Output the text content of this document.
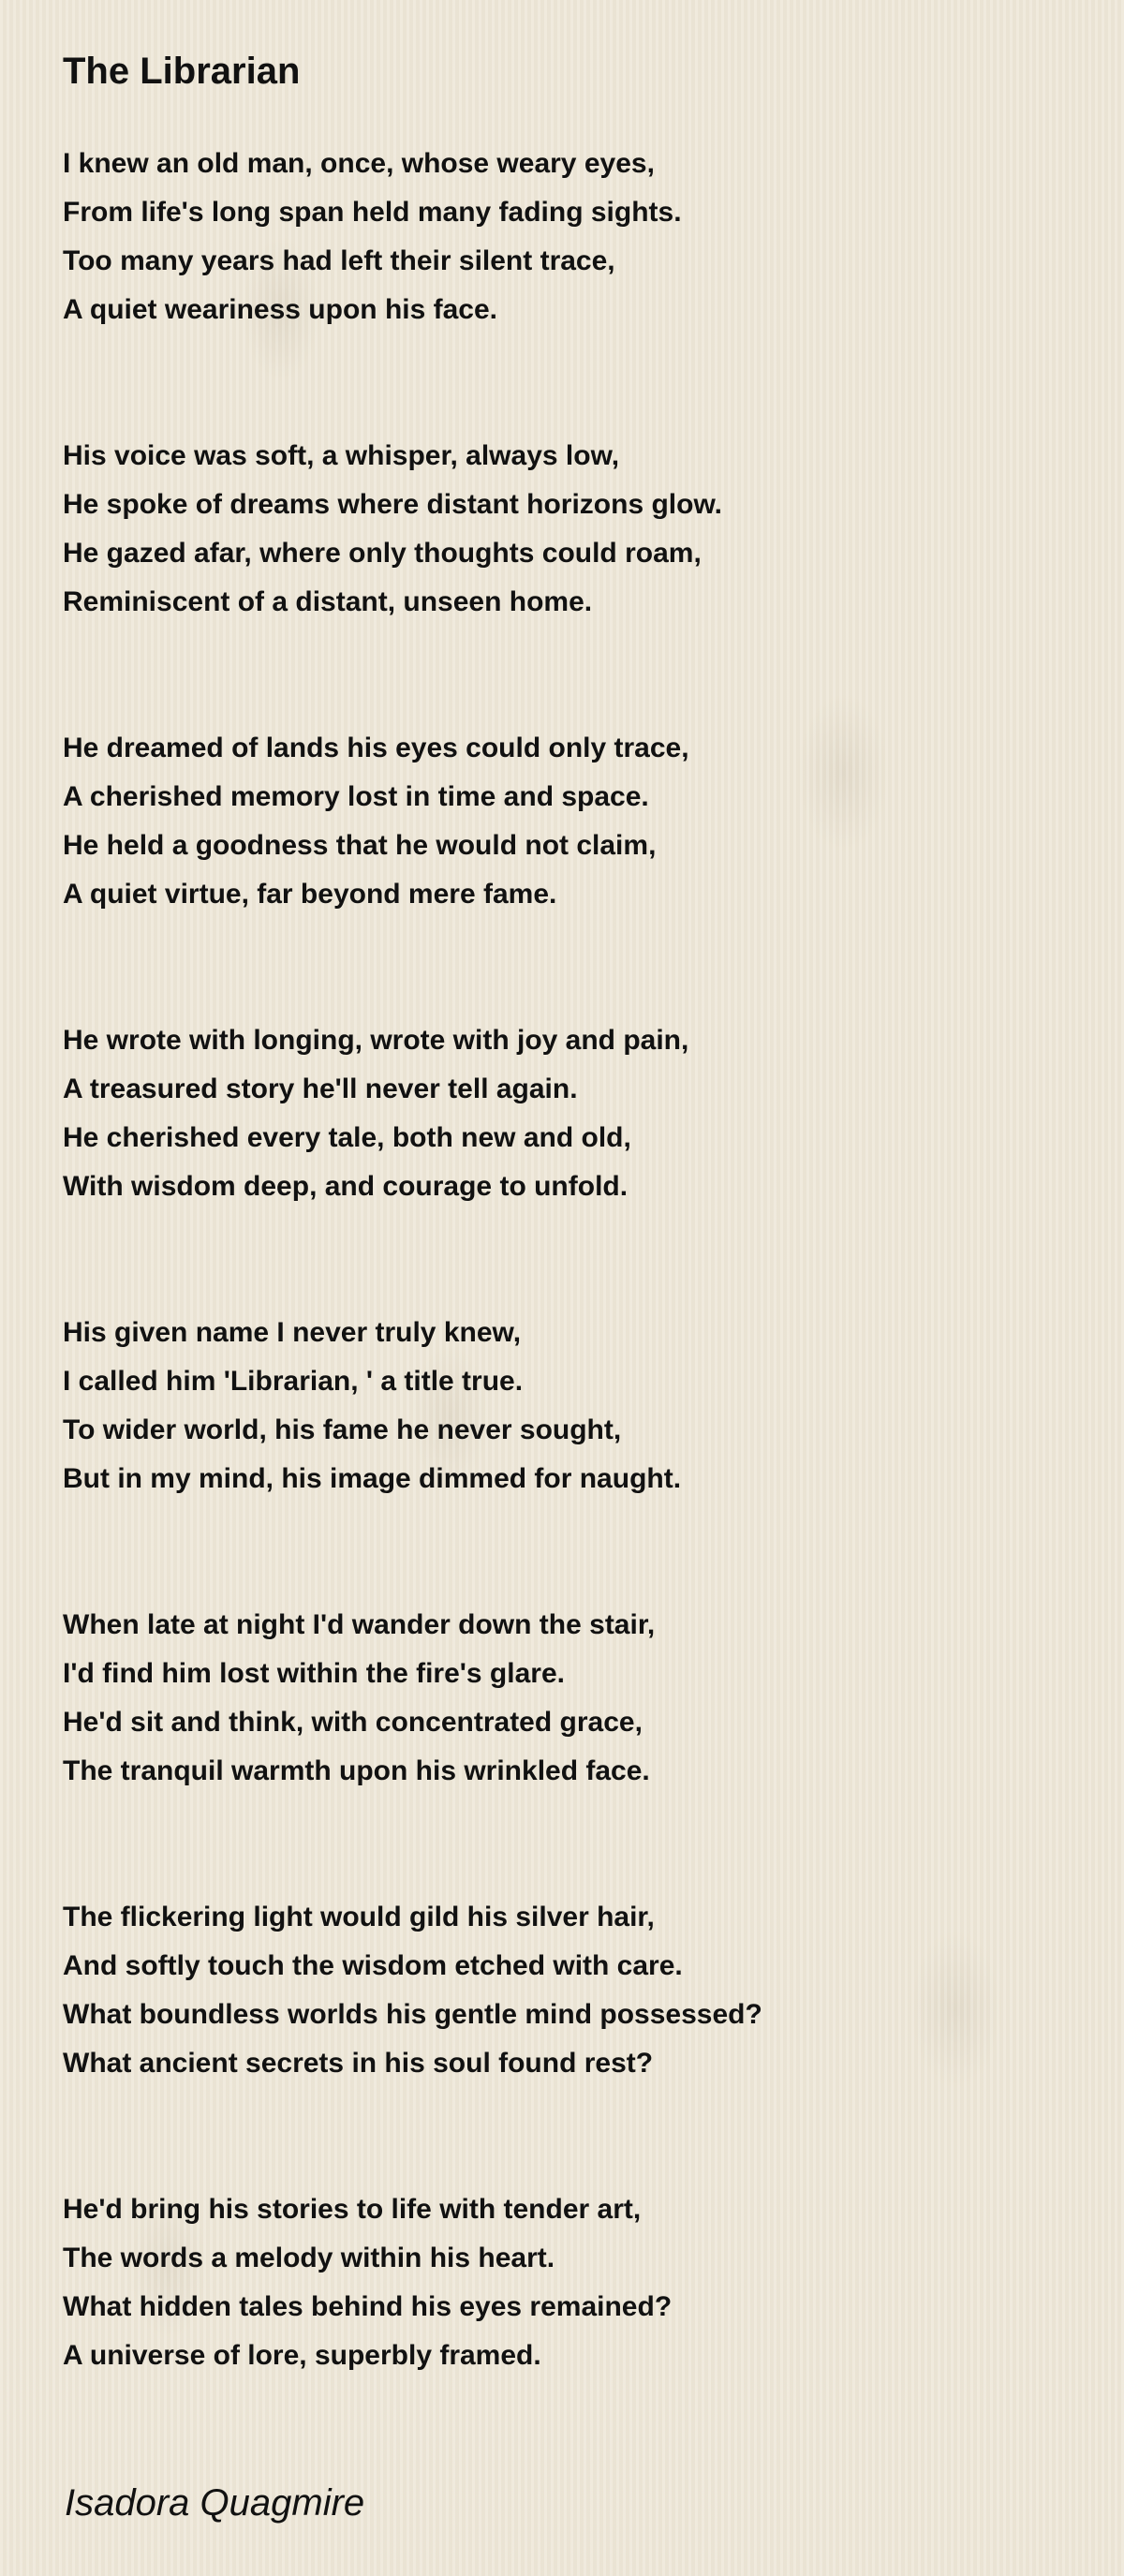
The Librarian
I knew an old man, once, whose weary eyes,
From life's long span held many fading sights.
Too many years had left their silent trace,
A quiet weariness upon his face.
His voice was soft, a whisper, always low,
He spoke of dreams where distant horizons glow.
He gazed afar, where only thoughts could roam,
Reminiscent of a distant, unseen home.
He dreamed of lands his eyes could only trace,
A cherished memory lost in time and space.
He held a goodness that he would not claim,
A quiet virtue, far beyond mere fame.
He wrote with longing, wrote with joy and pain,
A treasured story he'll never tell again.
He cherished every tale, both new and old,
With wisdom deep, and courage to unfold.
His given name I never truly knew,
I called him 'Librarian, ' a title true.
To wider world, his fame he never sought,
But in my mind, his image dimmed for naught.
When late at night I'd wander down the stair,
I'd find him lost within the fire's glare.
He'd sit and think, with concentrated grace,
The tranquil warmth upon his wrinkled face.
The flickering light would gild his silver hair,
And softly touch the wisdom etched with care.
What boundless worlds his gentle mind possessed?
What ancient secrets in his soul found rest?
He'd bring his stories to life with tender art,
The words a melody within his heart.
What hidden tales behind his eyes remained?
A universe of lore, superbly framed.
Isadora Quagmire
